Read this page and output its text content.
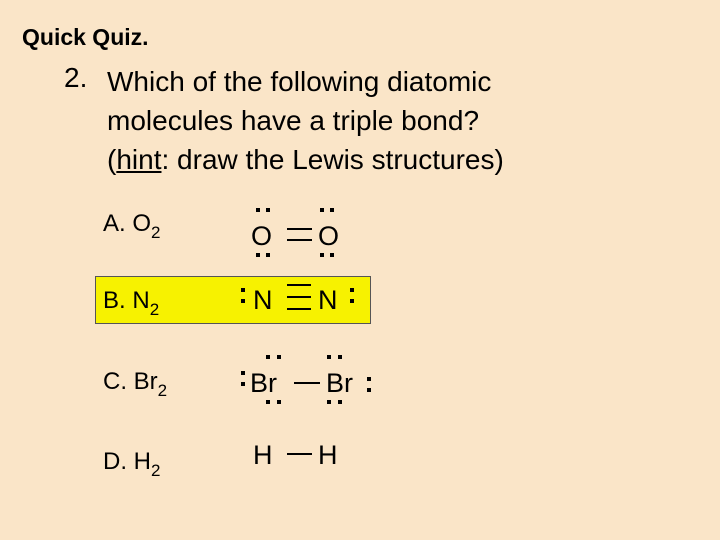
Quick Quiz.
2. Which of the following diatomic
molecules have a triple bond?
(hint: draw the Lewis structures)
A. $O_2$
B. $N_2$
C. $Br_2$
D. $H_2$
O O
N N
Br Br
H H
